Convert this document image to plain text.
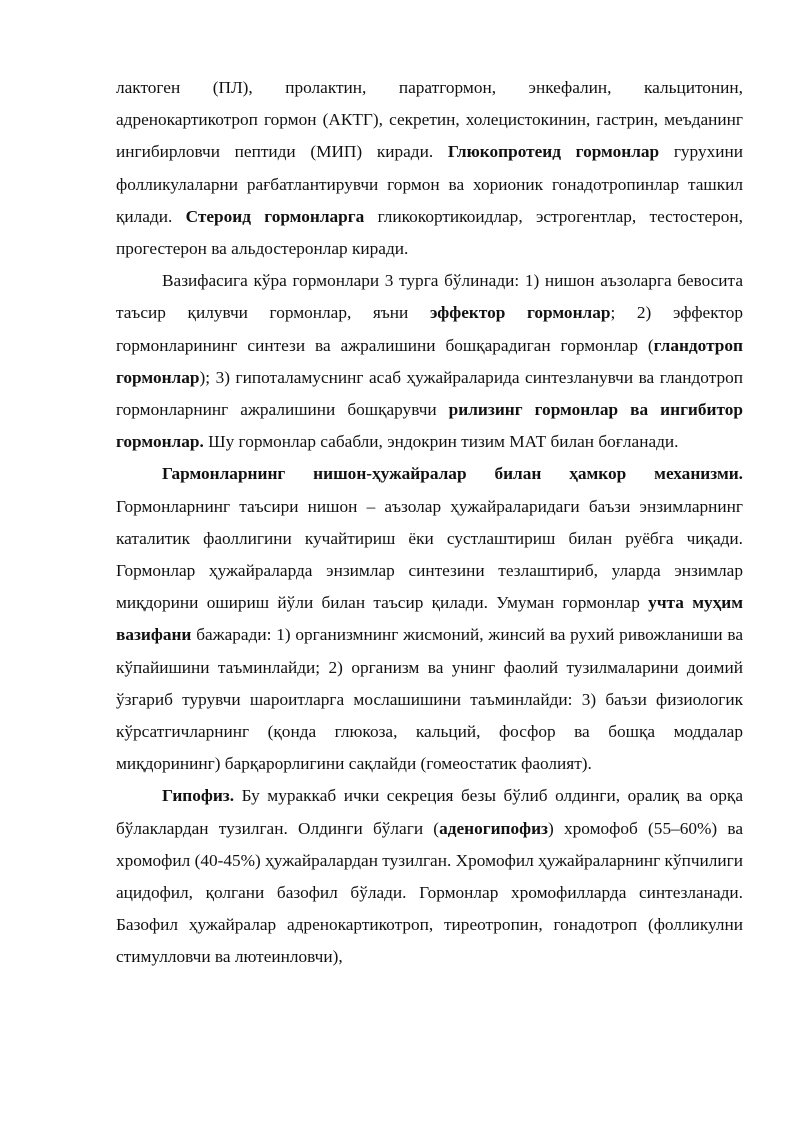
лактоген (ПЛ), пролактин, паратгормон, энкефалин, кальцитонин, адренокартикотроп гормон (АКТГ), секретин, холецистокинин, гастрин, меъданинг ингибирловчи пептиди (МИП) киради. Глюкопротеид гормонлар гурухини фолликулаларни рағбатлантирувчи гормон ва хорионик гонадотропинлар ташкил қилади. Стероид гормонларга гликокортикоидлар, эстрогентлар, тестостерон, прогестерон ва альдостеронлар киради.

Вазифасига кўра гормонлари 3 турга бўлинади: 1) нишон аъзоларга бевосита таъсир қилувчи гормонлар, яъни эффектор гормонлар; 2) эффектор гормонларининг синтези ва ажралишини бошқарадиган гормонлар (гландотроп гормонлар); 3) гипоталамуснинг асаб ҳужайраларида синтезланувчи ва гландотроп гормонларнинг ажралишини бошқарувчи рилизинг гормонлар ва ингибитор гормонлар. Шу гормонлар сабабли, эндокрин тизим МАТ билан боғланади.

Гармонларнинг нишон-ҳужайралар билан ҳамкор механизми. Гормонларнинг таъсири нишон – аъзолар ҳужайраларидаги баъзи энзимларнинг каталитик фаоллигини кучайтириш ёки сустлаштириш билан руёбга чиқади. Гормонлар ҳужайраларда энзимлар синтезини тезлаштириб, уларда энзимлар миқдорини ошириш йўли билан таъсир қилади. Умуман гормонлар учта муҳим вазифани бажаради: 1) организмнинг жисмоний, жинсий ва рухий ривожланиши ва кўпайишини таъминлайди; 2) организм ва унинг фаолий тузилмаларини доимий ўзгариб турувчи шароитларга мослашишини таъминлайди: 3) баъзи физиологик кўрсатгичларнинг (қонда глюкоза, кальций, фосфор ва бошқа моддалар миқдорининг) барқарорлигини сақлайди (гомеостатик фаолият).

Гипофиз. Бу мураккаб ички секреция безы бўлиб олдинги, оралиқ ва орқа бўлаклардан тузилган. Олдинги бўлаги (аденогипофиз) хромофоб (55–60%) ва хромофил (40-45%) ҳужайралардан тузилган. Хромофил ҳужайраларнинг кўпчилиги ацидофил, қолгани базофил бўлади. Гормонлар хромофилларда синтезланади. Базофил ҳужайралар адренокартикотроп, тиреотропин, гонадотроп (фолликулни стимулловчи ва лютеинловчи),
